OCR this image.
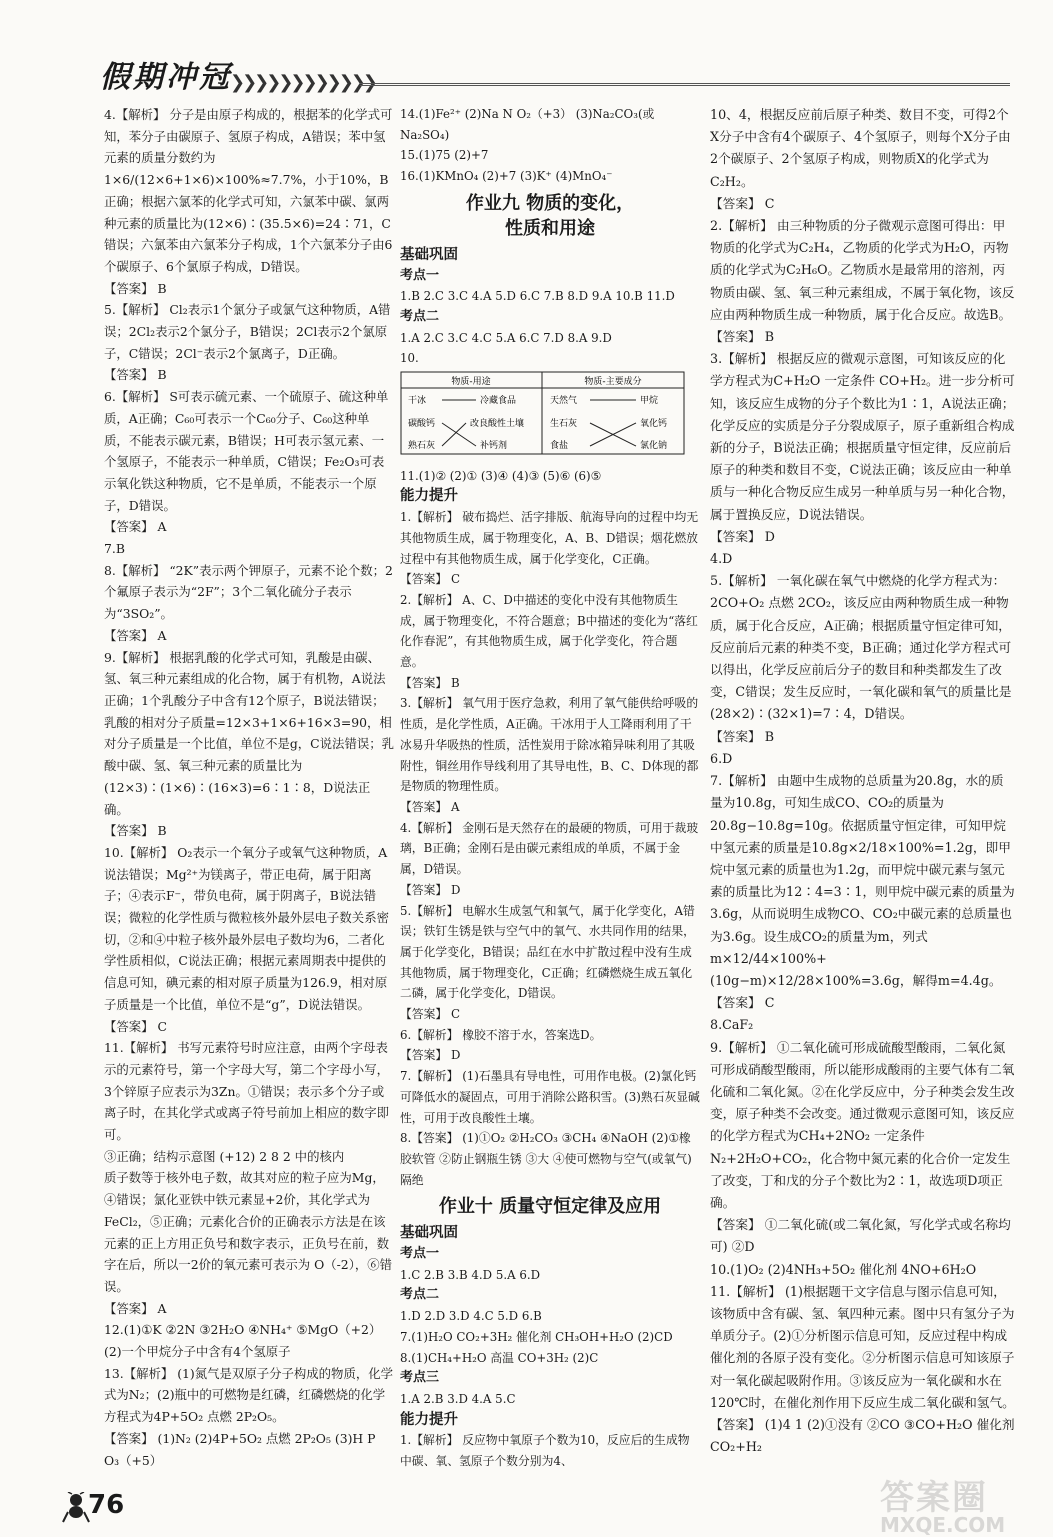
假期冲冠
❯❯❯❯❯❯❯❯❯❯❯❯

4.【解析】 分子是由原子构成的，根据苯的化学式可知，苯分子由碳原子、氢原子构成，A错误；苯中氢元素的质量分数约为 1×6/(12×6+1×6)×100%≈7.7%，小于10%，B正确；根据六氯苯的化学式可知，六氯苯中碳、氯两种元素的质量比为(12×6)∶(35.5×6)=24∶71，C错误；六氯苯由六氯苯分子构成，1个六氯苯分子由6个碳原子、6个氯原子构成，D错误。

【答案】 B

5.【解析】 Cl₂表示1个氯分子或氯气这种物质，A错误；2Cl₂表示2个氯分子，B错误；2Cl表示2个氯原子，C错误；2Cl⁻表示2个氯离子，D正确。

【答案】 B

6.【解析】 S可表示硫元素、一个硫原子、硫这种单质，A正确；C₆₀可表示一个C₆₀分子、C₆₀这种单质，不能表示碳元素，B错误；H可表示氢元素、一个氢原子，不能表示一种单质，C错误；Fe₂O₃可表示氧化铁这种物质，它不是单质，不能表示一个原子，D错误。

【答案】 A

7.B

8.【解析】 “2K”表示两个钾原子，元素不论个数；2个氟原子表示为“2F”；3个二氧化硫分子表示为“3SO₂”。

【答案】 A

9.【解析】 根据乳酸的化学式可知，乳酸是由碳、氢、氧三种元素组成的化合物，属于有机物，A说法正确；1个乳酸分子中含有12个原子，B说法错误；乳酸的相对分子质量=12×3+1×6+16×3=90，相对分子质量是一个比值，单位不是g，C说法错误；乳酸中碳、氢、氧三种元素的质量比为(12×3)∶(1×6)∶(16×3)=6∶1∶8，D说法正确。

【答案】 B

10.【解析】 O₂表示一个氧分子或氧气这种物质，A说法错误；Mg²⁺为镁离子，带正电荷，属于阳离子；④表示F⁻，带负电荷，属于阴离子，B说法错误；微粒的化学性质与微粒核外最外层电子数关系密切，②和④中粒子核外最外层电子数均为6，二者化学性质相似，C说法正确；根据元素周期表中提供的信息可知，碘元素的相对原子质量为126.9，相对原子质量是一个比值，单位不是“g”，D说法错误。

【答案】 C

11.【解析】 书写元素符号时应注意，由两个字母表示的元素符号，第一个字母大写，第二个字母小写，3个锌原子应表示为3Zn。①错误；表示多个分子或离子时，在其化学式或离子符号前加上相应的数字即可。

③正确；结构示意图 (+12) 2 8 2 中的核内

质子数等于核外电子数，故其对应的粒子应为Mg，④错误；氯化亚铁中铁元素显+2价，其化学式为FeCl₂，⑤正确；元素化合价的正确表示方法是在该元素的正上方用正负号和数字表示，正负号在前，数字在后，所以一2价的氧元素可表示为 O（-2），⑥错误。

【答案】 A

12.(1)①K ②2N ③2H₂O ④NH₄⁺ ⑤MgO（+2） (2)一个甲烷分子中含有4个氢原子

13.【解析】 (1)氮气是双原子分子构成的物质，化学式为N₂；(2)瓶中的可燃物是红磷，红磷燃烧的化学方程式为4P+5O₂ 点燃 2P₂O₅。

【答案】 (1)N₂ (2)4P+5O₂ 点燃 2P₂O₅ (3)H P O₃（+5）

14.(1)Fe²⁺ (2)Na N O₂（+3） (3)Na₂CO₃(或Na₂SO₄)

15.(1)75 (2)+7

16.(1)KMnO₄ (2)+7 (3)K⁺ (4)MnO₄⁻

作业九 物质的变化，
性质和用途

基础巩固

考点一

1.B 2.C 3.C 4.A 5.D 6.C 7.B 8.D 9.A 10.B 11.D

考点二

1.A 2.C 3.C 4.C 5.A 6.C 7.D 8.A 9.D

10.

物质-用途	物质-主要成分
干冰
碳酸钙
熟石灰
冷藏食品
改良酸性土壤
补钙剂
天然气
生石灰
食盐
甲烷
氧化钙
氯化钠

11.(1)② (2)① (3)④ (4)③ (5)⑥ (6)⑤

能力提升

1.【解析】 破布捣烂、活字排版、航海导向的过程中均无其他物质生成，属于物理变化，A、B、D错误；烟花燃放过程中有其他物质生成，属于化学变化，C正确。

【答案】 C

2.【解析】 A、C、D中描述的变化中没有其他物质生成，属于物理变化，不符合题意；B中描述的变化为“落红化作春泥”，有其他物质生成，属于化学变化，符合题意。

【答案】 B

3.【解析】 氧气用于医疗急救，利用了氧气能供给呼吸的性质，是化学性质，A正确。干冰用于人工降雨利用了干冰易升华吸热的性质，活性炭用于除冰箱异味利用了其吸附性，铜丝用作导线利用了其导电性，B、C、D体现的都是物质的物理性质。

【答案】 A

4.【解析】 金刚石是天然存在的最硬的物质，可用于裁玻璃，B正确；金刚石是由碳元素组成的单质，不属于金属，D错误。

【答案】 D

5.【解析】 电解水生成氢气和氧气，属于化学变化，A错误；铁钉生锈是铁与空气中的氧气、水共同作用的结果，属于化学变化，B错误；品红在水中扩散过程中没有生成其他物质，属于物理变化，C正确；红磷燃烧生成五氧化二磷，属于化学变化，D错误。

【答案】 C

6.【解析】 橡胶不溶于水，答案选D。

【答案】 D

7.【解析】 (1)石墨具有导电性，可用作电极。(2)氯化钙可降低水的凝固点，可用于消除公路积雪。(3)熟石灰显碱性，可用于改良酸性土壤。

8.【答案】 (1)①O₂ ②H₂CO₃ ③CH₄ ④NaOH (2)①橡胶软管 ②防止钢瓶生锈 ③大 ④使可燃物与空气(或氧气)隔绝

作业十 质量守恒定律及应用

基础巩固

考点一

1.C 2.B 3.B 4.D 5.A 6.D

考点二

1.D 2.D 3.D 4.C 5.D 6.B

7.(1)H₂O CO₂+3H₂ 催化剂 CH₃OH+H₂O (2)CD

8.(1)CH₄+H₂O 高温 CO+3H₂ (2)C

考点三

1.A 2.B 3.D 4.A 5.C

能力提升

1.【解析】 反应物中氧原子个数为10，反应后的生成物中碳、氧、氢原子个数分别为4、

10、4，根据反应前后原子种类、数目不变，可得2个X分子中含有4个碳原子、4个氢原子，则每个X分子由2个碳原子、2个氢原子构成，则物质X的化学式为C₂H₂。

【答案】 C

2.【解析】 由三种物质的分子微观示意图可得出：甲物质的化学式为C₂H₄，乙物质的化学式为H₂O，丙物质的化学式为C₂H₆O。乙物质水是最常用的溶剂，丙物质由碳、氢、氧三种元素组成，不属于氧化物，该反应由两种物质生成一种物质，属于化合反应。故选B。

【答案】 B

3.【解析】 根据反应的微观示意图，可知该反应的化学方程式为C+H₂O 一定条件 CO+H₂。进一步分析可知，该反应生成物的分子个数比为1∶1，A说法正确；化学反应的实质是分子分裂成原子，原子重新组合构成新的分子，B说法正确；根据质量守恒定律，反应前后原子的种类和数目不变，C说法正确；该反应由一种单质与一种化合物反应生成另一种单质与另一种化合物，属于置换反应，D说法错误。

【答案】 D

4.D

5.【解析】 一氧化碳在氧气中燃烧的化学方程式为：2CO+O₂ 点燃 2CO₂，该反应由两种物质生成一种物质，属于化合反应，A正确；根据质量守恒定律可知，反应前后元素的种类不变，B正确；通过化学方程式可以得出，化学反应前后分子的数目和种类都发生了改变，C错误；发生反应时，一氧化碳和氧气的质量比是(28×2)∶(32×1)=7∶4，D错误。

【答案】 B

6.D

7.【解析】 由题中生成物的总质量为20.8g，水的质量为10.8g，可知生成CO、CO₂的质量为20.8g−10.8g=10g。依据质量守恒定律，可知甲烷中氢元素的质量是10.8g×2/18×100%=1.2g，即甲烷中氢元素的质量也为1.2g，而甲烷中碳元素与氢元素的质量比为12∶4=3∶1，则甲烷中碳元素的质量为3.6g，从而说明生成物CO、CO₂中碳元素的总质量也为3.6g。设生成CO₂的质量为m，列式 m×12/44×100%+(10g−m)×12/28×100%=3.6g，解得m=4.4g。

【答案】 C

8.CaF₂

9.【解析】 ①二氧化硫可形成硫酸型酸雨，二氧化氮可形成硝酸型酸雨，所以能形成酸雨的主要气体有二氧化硫和二氧化氮。②在化学反应中，分子种类会发生改变，原子种类不会改变。通过微观示意图可知，该反应的化学方程式为CH₄+2NO₂ 一定条件 N₂+2H₂O+CO₂，化合物中氮元素的化合价一定发生了改变，丁和戊的分子个数比为2∶1，故选项D项正确。

【答案】 ①二氧化硫(或二氧化氮，写化学式或名称均可) ②D

10.(1)O₂ (2)4NH₃+5O₂ 催化剂 4NO+6H₂O

11.【解析】 (1)根据题干文字信息与图示信息可知，该物质中含有碳、氢、氧四种元素。图中只有氢分子为单质分子。(2)①分析图示信息可知，反应过程中构成催化剂的各原子没有变化。②分析图示信息可知该原子对一氧化碳起吸附作用。③该反应为一氧化碳和水在120℃时，在催化剂作用下反应生成二氧化碳和氢气。

【答案】 (1)4 1 (2)①没有 ②CO ③CO+H₂O 催化剂 CO₂+H₂

76	答案圈
MXQE.COM
